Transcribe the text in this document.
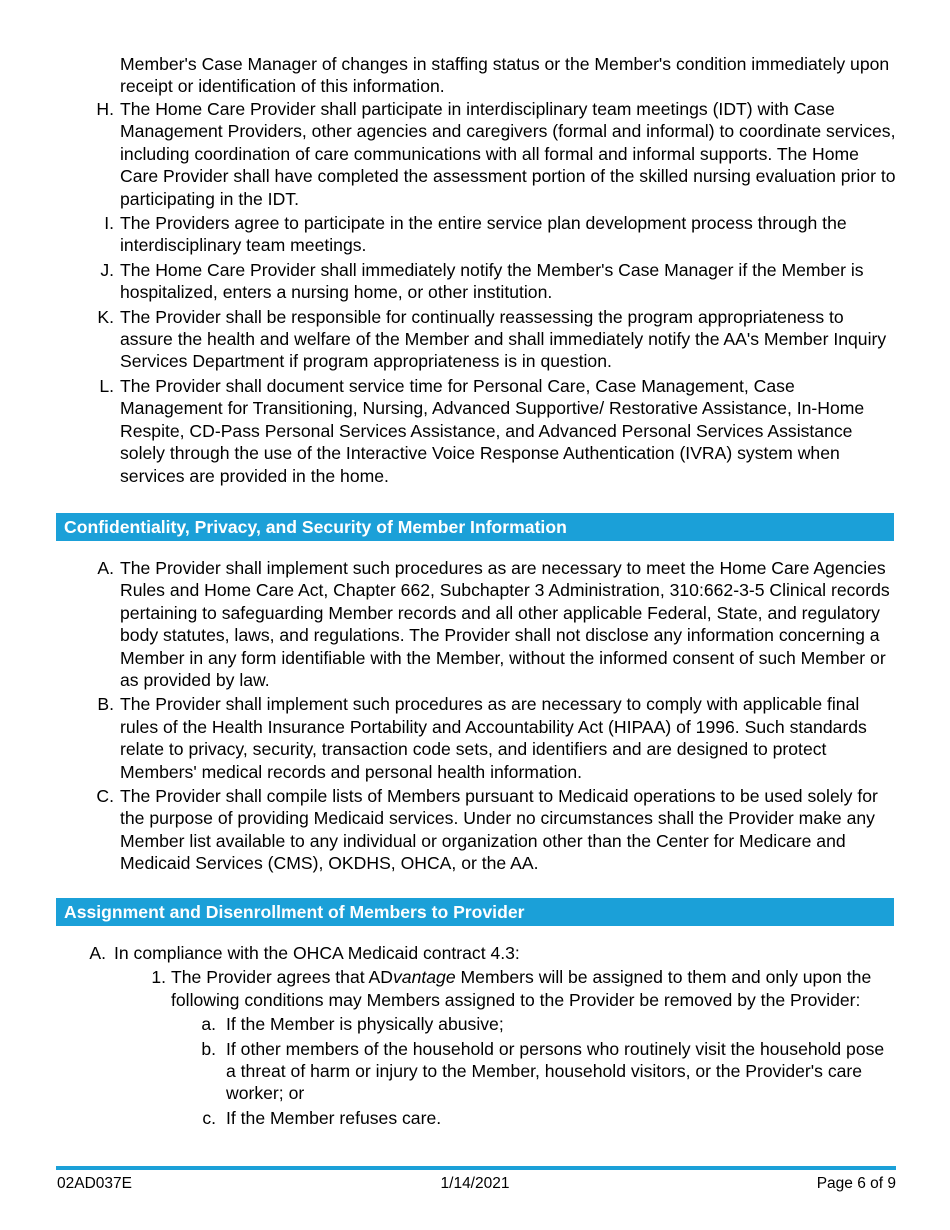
Member's Case Manager of changes in staffing status or the Member's condition immediately upon receipt or identification of this information.

H. The Home Care Provider shall participate in interdisciplinary team meetings (IDT) with Case Management Providers, other agencies and caregivers (formal and informal) to coordinate services, including coordination of care communications with all formal and informal supports. The Home Care Provider shall have completed the assessment portion of the skilled nursing evaluation prior to participating in the IDT.
I. The Providers agree to participate in the entire service plan development process through the interdisciplinary team meetings.
J. The Home Care Provider shall immediately notify the Member's Case Manager if the Member is hospitalized, enters a nursing home, or other institution.
K. The Provider shall be responsible for continually reassessing the program appropriateness to assure the health and welfare of the Member and shall immediately notify the AA's Member Inquiry Services Department if program appropriateness is in question.
L. The Provider shall document service time for Personal Care, Case Management, Case Management for Transitioning, Nursing, Advanced Supportive/ Restorative Assistance, In-Home Respite, CD-Pass Personal Services Assistance, and Advanced Personal Services Assistance solely through the use of the Interactive Voice Response Authentication (IVRA) system when services are provided in the home.
Confidentiality, Privacy, and Security of Member Information
A. The Provider shall implement such procedures as are necessary to meet the Home Care Agencies Rules and Home Care Act, Chapter 662, Subchapter 3 Administration, 310:662-3-5 Clinical records pertaining to safeguarding Member records and all other applicable Federal, State, and regulatory body statutes, laws, and regulations. The Provider shall not disclose any information concerning a Member in any form identifiable with the Member, without the informed consent of such Member or as provided by law.
B. The Provider shall implement such procedures as are necessary to comply with applicable final rules of the Health Insurance Portability and Accountability Act (HIPAA) of 1996. Such standards relate to privacy, security, transaction code sets, and identifiers and are designed to protect Members' medical records and personal health information.
C. The Provider shall compile lists of Members pursuant to Medicaid operations to be used solely for the purpose of providing Medicaid services. Under no circumstances shall the Provider make any Member list available to any individual or organization other than the Center for Medicare and Medicaid Services (CMS), OKDHS, OHCA, or the AA.
Assignment and Disenrollment of Members to Provider
A. In compliance with the OHCA Medicaid contract 4.3:
1. The Provider agrees that ADvantage Members will be assigned to them and only upon the following conditions may Members assigned to the Provider be removed by the Provider:
a. If the Member is physically abusive;
b. If other members of the household or persons who routinely visit the household pose a threat of harm or injury to the Member, household visitors, or the Provider's care worker; or
c. If the Member refuses care.
02AD037E	1/14/2021	Page 6 of 9
